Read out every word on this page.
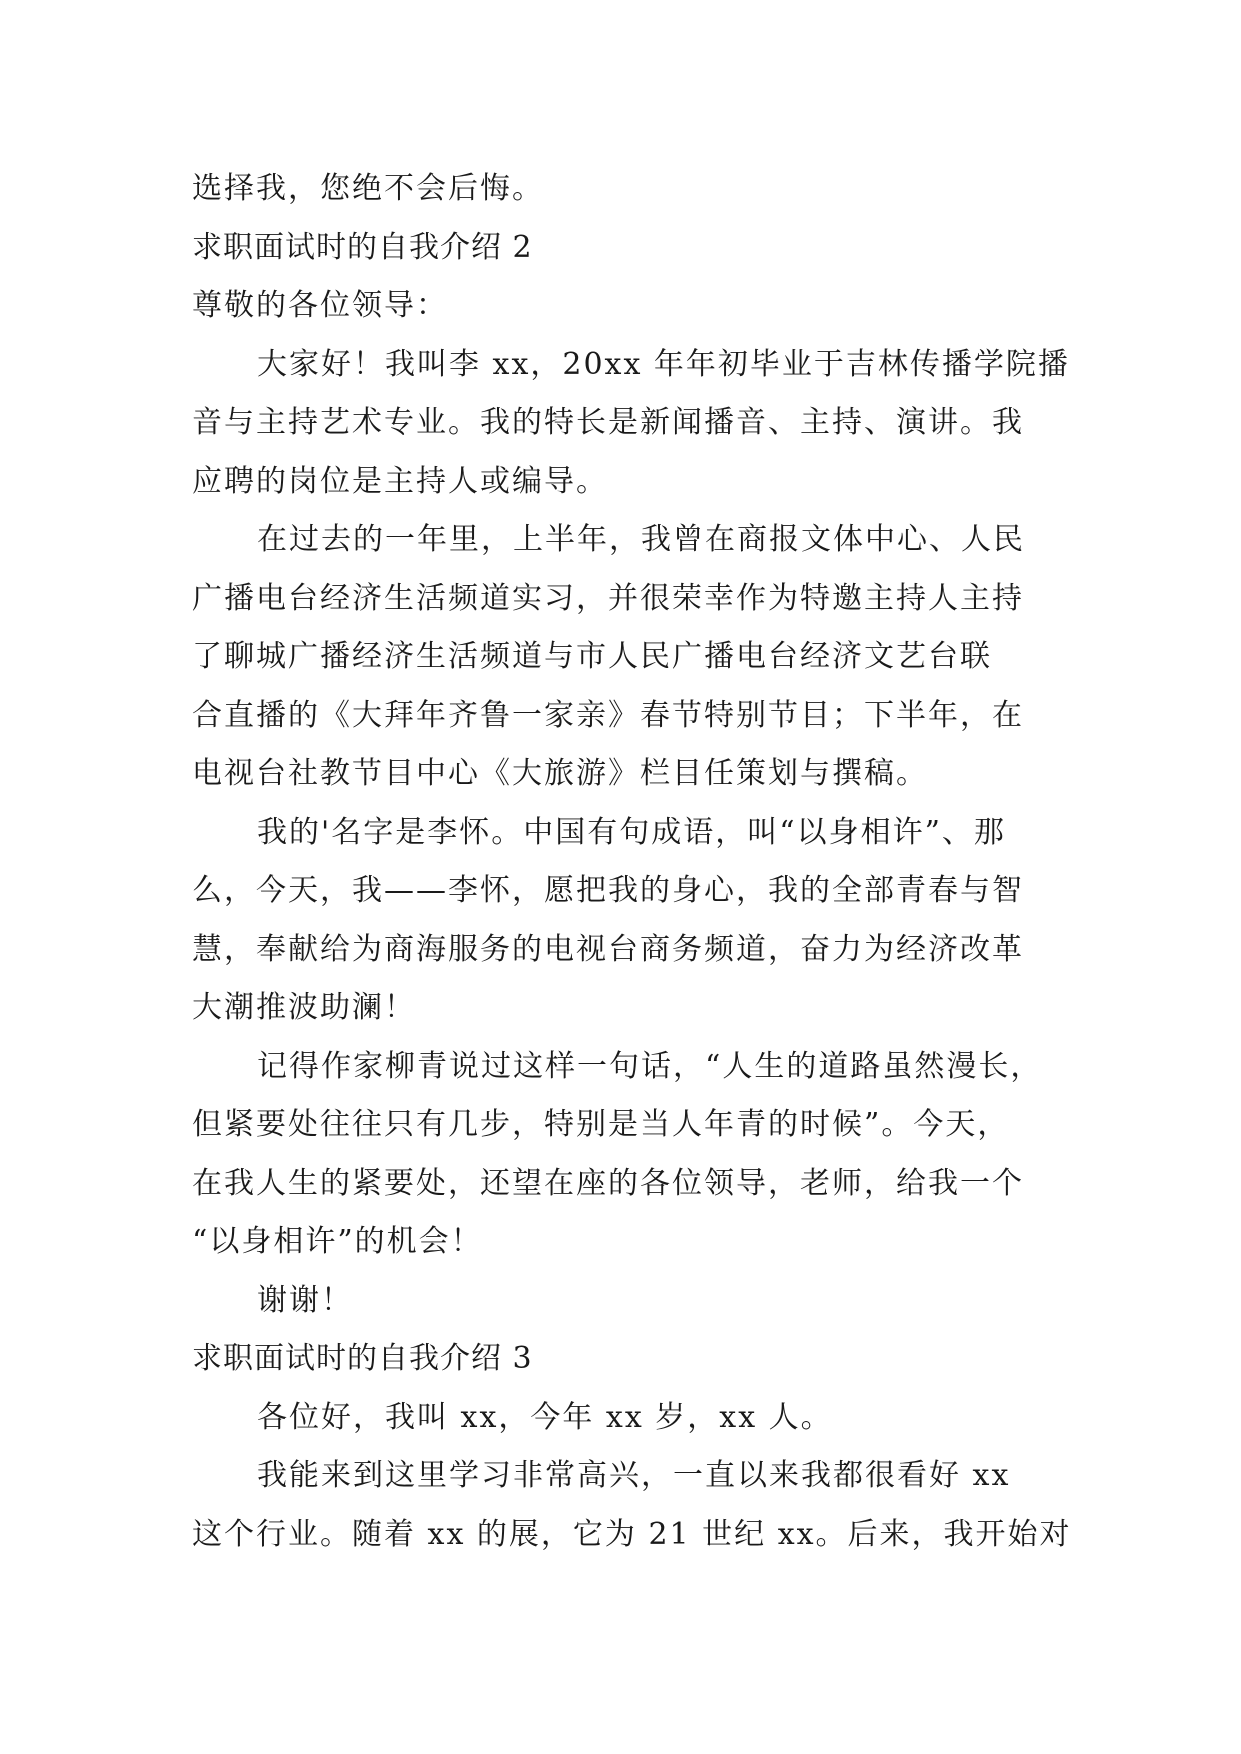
选择我，您绝不会后悔。
求职面试时的自我介绍 2
尊敬的各位领导：
大家好！我叫李 xx，20xx 年年初毕业于吉林传播学院播
音与主持艺术专业。我的特长是新闻播音、主持、演讲。我
应聘的岗位是主持人或编导。
在过去的一年里，上半年，我曾在商报文体中心、人民
广播电台经济生活频道实习，并很荣幸作为特邀主持人主持
了聊城广播经济生活频道与市人民广播电台经济文艺台联
合直播的《大拜年齐鲁一家亲》春节特别节目；下半年，在
电视台社教节目中心《大旅游》栏目任策划与撰稿。
我的'名字是李怀。中国有句成语，叫“以身相许”、那
么，今天，我——李怀，愿把我的身心，我的全部青春与智
慧，奉献给为商海服务的电视台商务频道，奋力为经济改革
大潮推波助澜！
记得作家柳青说过这样一句话，“人生的道路虽然漫长，
但紧要处往往只有几步，特别是当人年青的时候”。今天，
在我人生的紧要处，还望在座的各位领导，老师，给我一个
“以身相许”的机会！
谢谢！
求职面试时的自我介绍 3
各位好，我叫 xx，今年 xx 岁，xx 人。
我能来到这里学习非常高兴，一直以来我都很看好 xx
这个行业。随着 xx 的展，它为 21 世纪 xx。后来，我开始对
